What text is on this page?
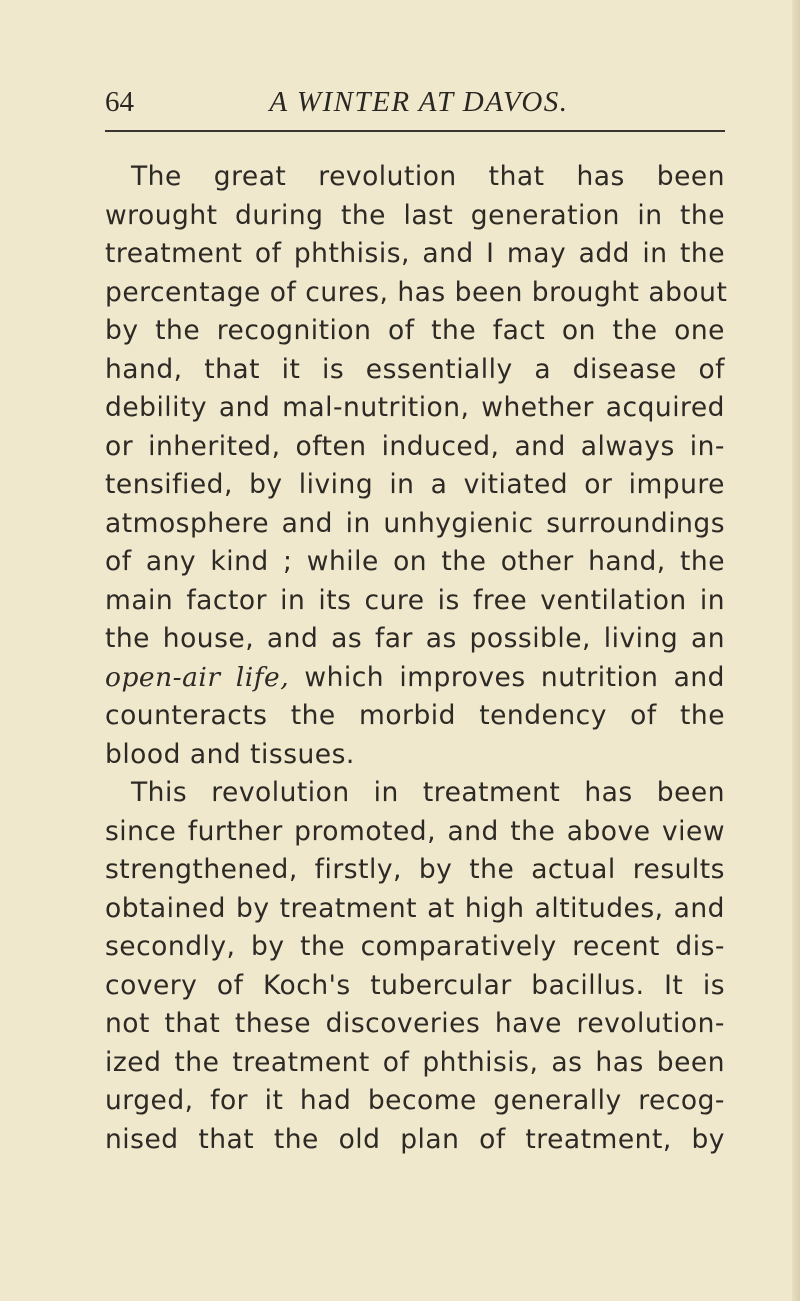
64	A WINTER AT DAVOS.
The great revolution that has been
wrought during the last generation in the
treatment of phthisis, and I may add in the
percentage of cures, has been brought about
by the recognition of the fact on the one
hand, that it is essentially a disease of
debility and mal-nutrition, whether acquired
or inherited, often induced, and always in-
tensified, by living in a vitiated or impure
atmosphere and in unhygienic surroundings
of any kind ; while on the other hand, the
main factor in its cure is free ventilation in
the house, and as far as possible, living an
open-air life, which improves nutrition and
counteracts the morbid tendency of the
blood and tissues.
This revolution in treatment has been
since further promoted, and the above view
strengthened, firstly, by the actual results
obtained by treatment at high altitudes, and
secondly, by the comparatively recent dis-
covery of Koch's tubercular bacillus. It is
not that these discoveries have revolution-
ized the treatment of phthisis, as has been
urged, for it had become generally recog-
nised that the old plan of treatment, by
